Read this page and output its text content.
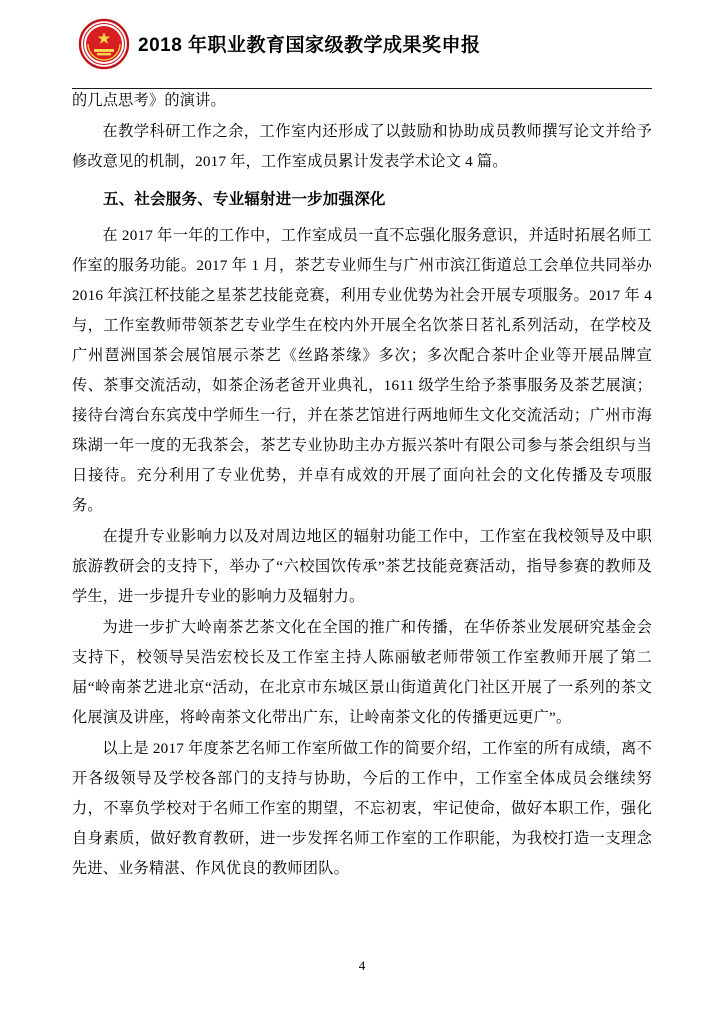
2018 年职业教育国家级教学成果奖申报

的几点思考》的演讲。

在教学科研工作之余，工作室内还形成了以鼓励和协助成员教师撰写论文并给予修改意见的机制，2017 年，工作室成员累计发表学术论文 4 篇。

五、社会服务、专业辐射进一步加强深化

在 2017 年一年的工作中，工作室成员一直不忘强化服务意识，并适时拓展名师工作室的服务功能。2017 年 1 月，茶艺专业师生与广州市滨江街道总工会单位共同举办 2016 年滨江杯技能之星茶艺技能竞赛，利用专业优势为社会开展专项服务。2017 年 4 与，工作室教师带领茶艺专业学生在校内外开展全名饮茶日茗礼系列活动，在学校及广州琶洲国茶会展馆展示茶艺《丝路茶缘》多次；多次配合茶叶企业等开展品牌宣传、茶事交流活动，如茶企汤老爸开业典礼，1611 级学生给予茶事服务及茶艺展演；接待台湾台东宾茂中学师生一行，并在茶艺馆进行两地师生文化交流活动；广州市海珠湖一年一度的无我茶会，茶艺专业协助主办方振兴茶叶有限公司参与茶会组织与当日接待。充分利用了专业优势，并卓有成效的开展了面向社会的文化传播及专项服务。

在提升专业影响力以及对周边地区的辐射功能工作中，工作室在我校领导及中职旅游教研会的支持下，举办了“六校国饮传承”茶艺技能竞赛活动，指导参赛的教师及学生，进一步提升专业的影响力及辐射力。

为进一步扩大岭南茶艺茶文化在全国的推广和传播，在华侨茶业发展研究基金会支持下，校领导吴浩宏校长及工作室主持人陈丽敏老师带领工作室教师开展了第二届“岭南茶艺进北京“活动，在北京市东城区景山街道黄化门社区开展了一系列的茶文化展演及讲座，将岭南茶文化带出广东，让岭南茶文化的传播更远更广”。

以上是 2017 年度茶艺名师工作室所做工作的简要介绍，工作室的所有成绩，离不开各级领导及学校各部门的支持与协助，今后的工作中，工作室全体成员会继续努力，不辜负学校对于名师工作室的期望，不忘初衷，牢记使命，做好本职工作，强化自身素质，做好教育教研，进一步发挥名师工作室的工作职能，为我校打造一支理念先进、业务精湛、作风优良的教师团队。

4
